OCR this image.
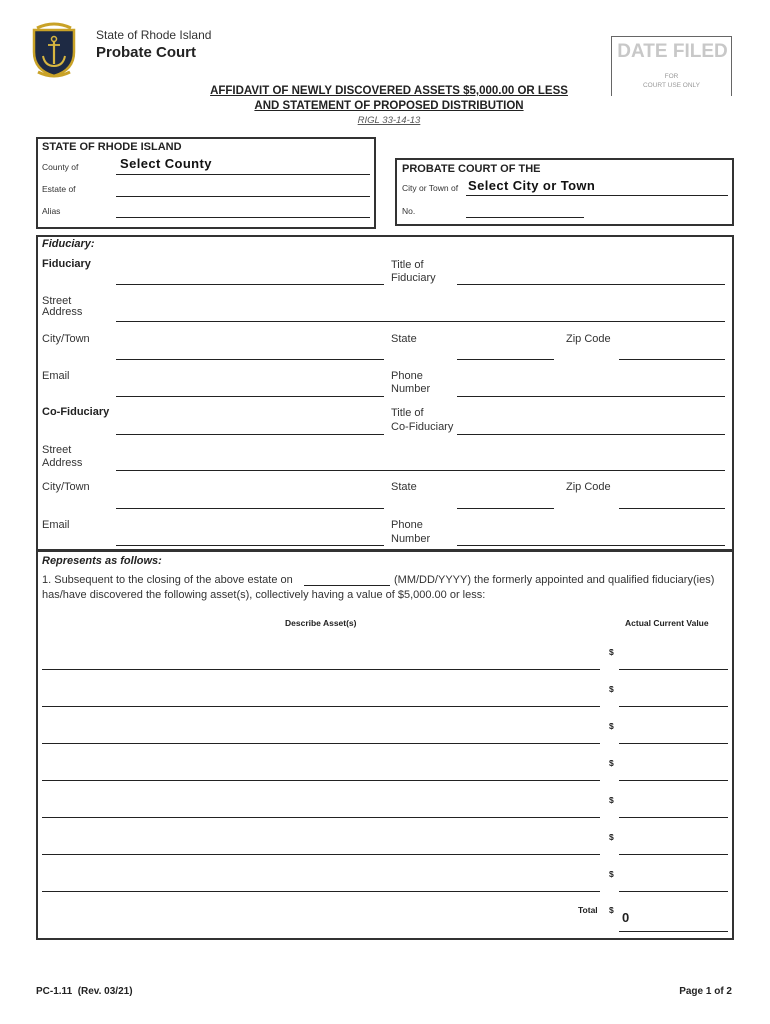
State of Rhode Island
Probate Court	DATE FILED
FOR
COURT USE ONLY
AFFIDAVIT OF NEWLY DISCOVERED ASSETS $5,000.00 OR LESS
AND STATEMENT OF PROPOSED DISTRIBUTION
RIGL 33-14-13
STATE OF RHODE ISLAND
County of	Select County
Estate of
Alias
PROBATE COURT OF THE
City or Town of Select City or Town
No.
Fiduciary:
Fiduciary	Title of
Fiduciary
Street
Address
City/Town	State	Zip Code
Email	Phone
Number
Co-Fiduciary	Title of
Co-Fiduciary
Street
Address
City/Town	State	Zip Code
Email	Phone
Number
Represents as follows:
1. Subsequent to the closing of the above estate on	(MM/DD/YYYY) the formerly appointed and qualified fiduciary(ies)
has/have discovered the following asset(s), collectively having a value of $5,000.00 or less:
Describe Asset(s)	Actual Current Value
$
$
$
$
$
$
$
Total $ 0
PC-1.11  (Rev. 03/21)	Page 1 of 2
